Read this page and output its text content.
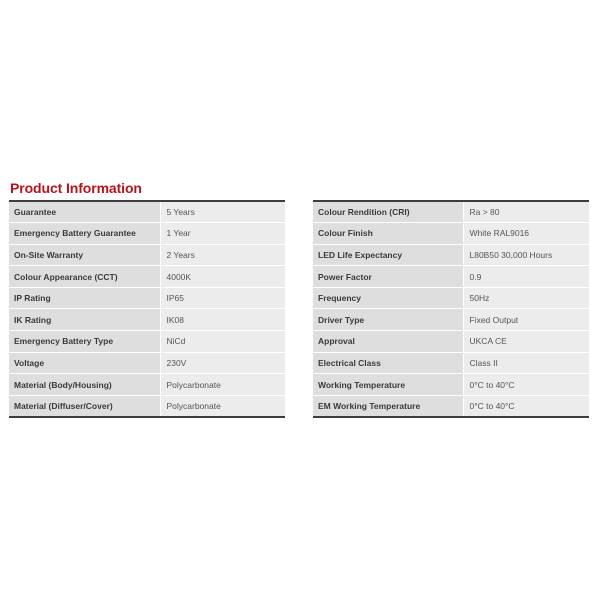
Product Information
Guarantee	5 Years
Emergency Battery Guarantee	1 Year
On-Site Warranty	2 Years
Colour Appearance (CCT)	4000K
IP Rating	IP65
IK Rating	IK08
Emergency Battery Type	NiCd
Voltage	230V
Material (Body/Housing)	Polycarbonate
Material (Diffuser/Cover)	Polycarbonate
Colour Rendition (CRI)	Ra > 80
Colour Finish	White RAL9016
LED Life Expectancy	L80B50 30,000 Hours
Power Factor	0.9
Frequency	50Hz
Driver Type	Fixed Output
Approval	UKCA CE
Electrical Class	Class II
Working Temperature	0°C to 40°C
EM Working Temperature	0°C to 40°C
